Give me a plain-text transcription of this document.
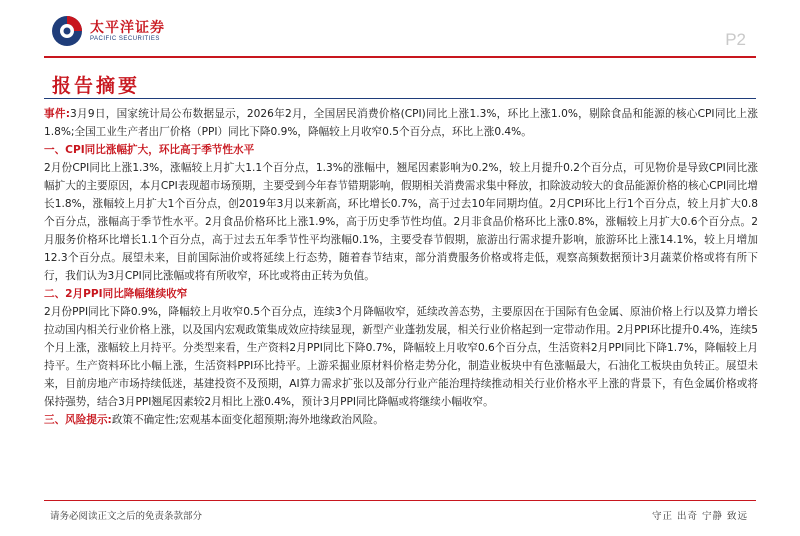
太平洋证券
PACIFIC SECURITIES	P2
报告摘要

事件:3月9日，国家统计局公布数据显示，2026年2月，全国居民消费价格(CPI)同比上涨1.3%，环比上涨1.0%，剔除食品和能源的核心CPI同比上涨1.8%;全国工业生产者出厂价格（PPI）同比下降0.9%，降幅较上月收窄0.5个百分点，环比上涨0.4%。

一、CPI同比涨幅扩大，环比高于季节性水平

2月份CPI同比上涨1.3%，涨幅较上月扩大1.1个百分点，1.3%的涨幅中，翘尾因素影响为0.2%，较上月提升0.2个百分点，可见物价是导致CPI同比涨幅扩大的主要原因，本月CPI表现超市场预期，主要受到今年春节错期影响，假期相关消费需求集中释放，扣除波动较大的食品能源价格的核心CPI同比增长1.8%，涨幅较上月扩大1个百分点，创2019年3月以来新高，环比增长0.7%，高于过去10年同期均值。2月CPI环比上行1个百分点，较上月扩大0.8个百分点，涨幅高于季节性水平。2月食品价格环比上涨1.9%，高于历史季节性均值。2月非食品价格环比上涨0.8%，涨幅较上月扩大0.6个百分点。2月服务价格环比增长1.1个百分点，高于过去五年季节性平均涨幅0.1%，主要受春节假期，旅游出行需求提升影响，旅游环比上涨14.1%，较上月增加12.3个百分点。展望未来，目前国际油价或将延续上行态势，随着春节结束，部分消费服务价格或将走低，观察高频数据预计3月蔬菜价格或将有所下行，我们认为3月CPI同比涨幅或将有所收窄，环比或将由正转为负值。

二、2月PPI同比降幅继续收窄

2月份PPI同比下降0.9%，降幅较上月收窄0.5个百分点，连续3个月降幅收窄，延续改善态势，主要原因在于国际有色金属、原油价格上行以及算力增长拉动国内相关行业价格上涨，以及国内宏观政策集成效应持续显现，新型产业蓬勃发展，相关行业价格起到一定带动作用。2月PPI环比提升0.4%，连续5个月上涨，涨幅较上月持平。分类型来看，生产资料2月PPI同比下降0.7%，降幅较上月收窄0.6个百分点，生活资料2月PPI同比下降1.7%，降幅较上月持平。生产资料环比小幅上涨，生活资料PPI环比持平。上游采掘业原材料价格走势分化，制造业板块中有色涨幅最大，石油化工板块由负转正。展望未来，目前房地产市场持续低迷，基建投资不及预期，AI算力需求扩张以及部分行业产能治理持续推动相关行业价格水平上涨的背景下，有色金属价格或将保持强势，结合3月PPI翘尾因素较2月相比上涨0.4%，预计3月PPI同比降幅或将继续小幅收窄。

三、风险提示:政策不确定性;宏观基本面变化超预期;海外地缘政治风险。

请务必阅读正文之后的免责条款部分	守正 出奇 宁静 致远
